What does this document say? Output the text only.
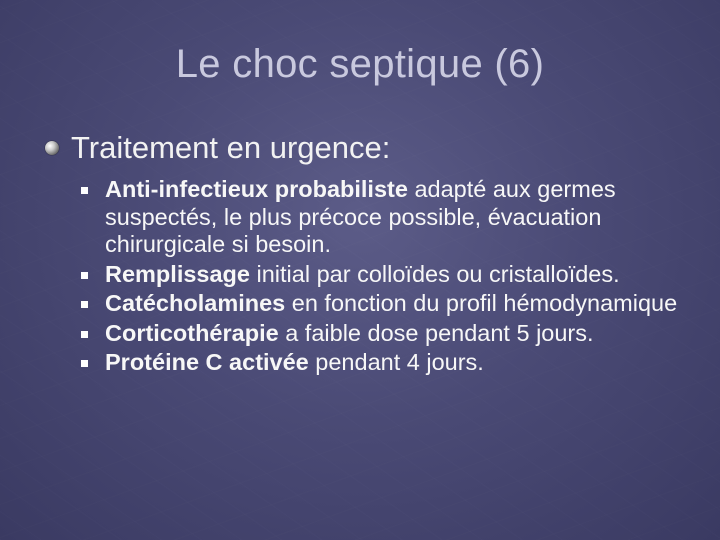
Le choc septique (6)
Traitement en urgence:
Anti-infectieux probabiliste adapté aux germes suspectés, le plus précoce possible, évacuation chirurgicale si besoin.
Remplissage initial par colloïdes ou cristalloïdes.
Catécholamines en fonction du profil hémodynamique
Corticothérapie a faible dose pendant 5 jours.
Protéine C activée pendant 4 jours.
